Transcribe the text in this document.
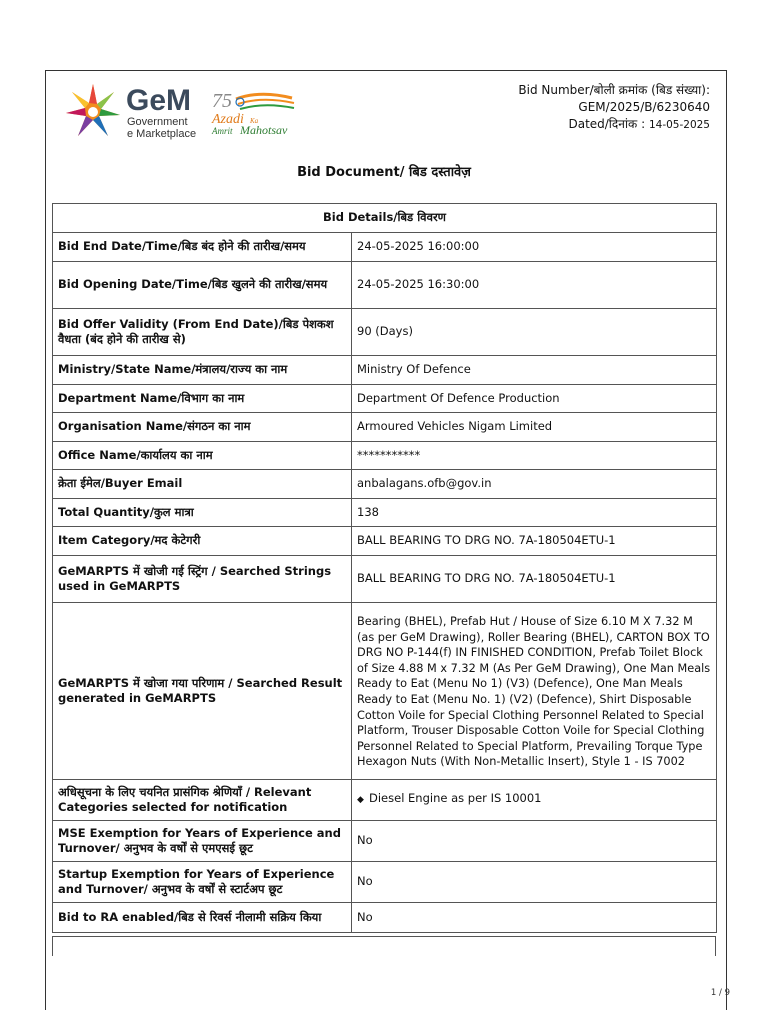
GeM
Government
e Marketplace
75
Azadi Ka
Amrit Mahotsav
Bid Number/बोली क्रमांक (बिड संख्या):
GEM/2025/B/6230640
Dated/दिनांक : 14-05-2025
Bid Document/ बिड दस्तावेज़
Bid Details/बिड विवरण	
Bid End Date/Time/बिड बंद होने की तारीख/समय	24-05-2025 16:00:00
Bid Opening Date/Time/बिड खुलने की तारीख/समय	24-05-2025 16:30:00
Bid Offer Validity (From End Date)/बिड पेशकश वैधता (बंद होने की तारीख से)	90 (Days)
Ministry/State Name/मंत्रालय/राज्य का नाम	Ministry Of Defence
Department Name/विभाग का नाम	Department Of Defence Production
Organisation Name/संगठन का नाम	Armoured Vehicles Nigam Limited
Office Name/कार्यालय का नाम	***********
क्रेता ईमेल/Buyer Email	anbalagans.ofb@gov.in
Total Quantity/कुल मात्रा	138
Item Category/मद केटेगरी	BALL BEARING TO DRG NO. 7A-180504ETU-1
GeMARPTS में खोजी गई स्ट्रिंग / Searched Strings used in GeMARPTS	BALL BEARING TO DRG NO. 7A-180504ETU-1
GeMARPTS में खोजा गया परिणाम / Searched Result generated in GeMARPTS	Bearing (BHEL), Prefab Hut / House of Size 6.10 M X 7.32 M (as per GeM Drawing), Roller Bearing (BHEL), CARTON BOX TO DRG NO P-144(f) IN FINISHED CONDITION, Prefab Toilet Block of Size 4.88 M x 7.32 M (As Per GeM Drawing), One Man Meals Ready to Eat (Menu No 1) (V3) (Defence), One Man Meals Ready to Eat (Menu No. 1) (V2) (Defence), Shirt Disposable Cotton Voile for Special Clothing Personnel Related to Special Platform, Trouser Disposable Cotton Voile for Special Clothing Personnel Related to Special Platform, Prevailing Torque Type Hexagon Nuts (With Non-Metallic Insert), Style 1 - IS 7002
अधिसूचना के लिए चयनित प्रासंगिक श्रेणियाँ / Relevant Categories selected for notification	◆ Diesel Engine as per IS 10001
MSE Exemption for Years of Experience and Turnover/ अनुभव के वर्षों से एमएसई छूट	No
Startup Exemption for Years of Experience and Turnover/ अनुभव के वर्षों से स्टार्टअप छूट	No
Bid to RA enabled/बिड से रिवर्स नीलामी सक्रिय किया	No
1 / 9
